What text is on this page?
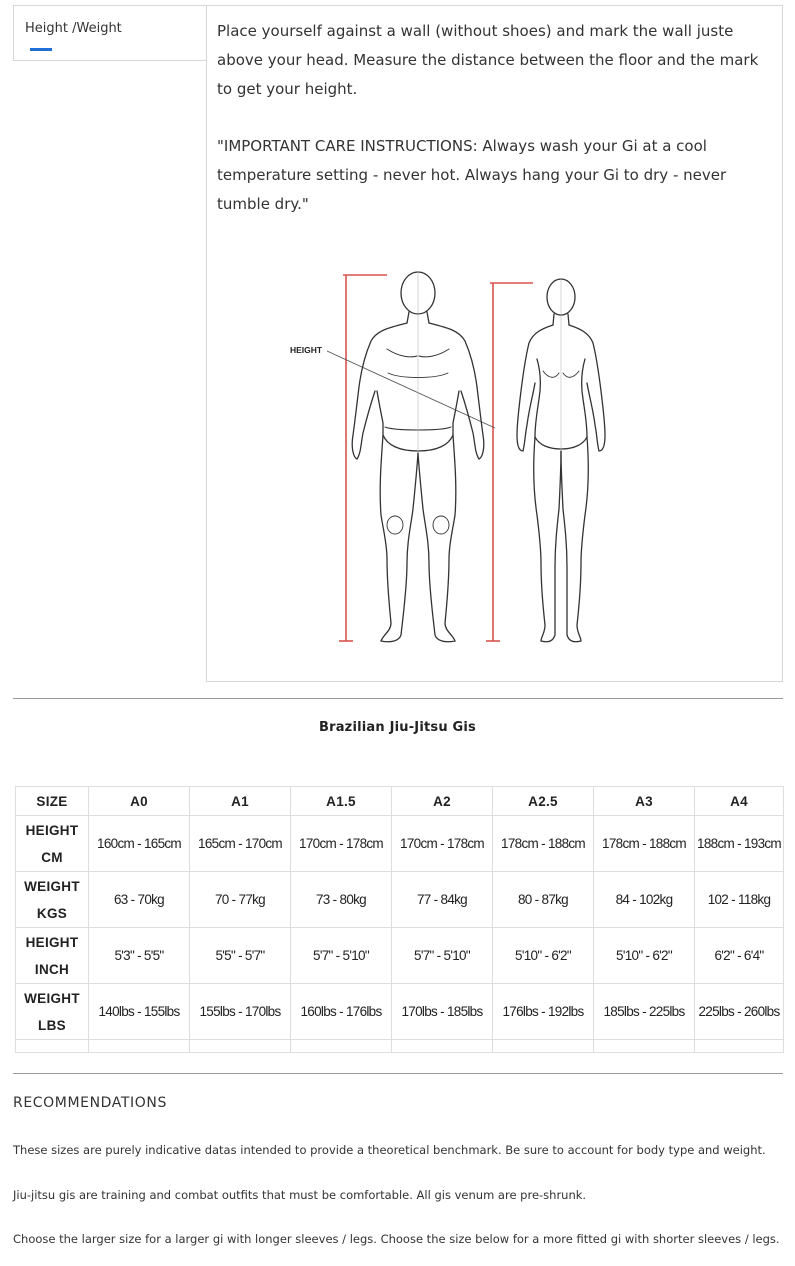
Height /Weight	Place yourself against a wall (without shoes) and mark the wall juste above your head. Measure the distance between the floor and the mark to get your height.

"IMPORTANT CARE INSTRUCTIONS: Always wash your Gi at a cool temperature setting - never hot. Always hang your Gi to dry - never tumble dry."

HEIGHT
Brazilian Jiu-Jitsu Gis
SIZE	A0	A1	A1.5	A2	A2.5	A3	A4
HEIGHT CM	160cm - 165cm	165cm - 170cm	170cm - 178cm	170cm - 178cm	178cm - 188cm	178cm - 188cm	188cm - 193cm
WEIGHT KGS	63 - 70kg	70 - 77kg	73 - 80kg	77 - 84kg	80 - 87kg	84 - 102kg	102 - 118kg
HEIGHT INCH	5'3" - 5'5"	5'5" - 5'7"	5'7" - 5'10"	5'7" - 5'10"	5'10" - 6'2"	5'10" - 6'2"	6'2" - 6'4"
WEIGHT LBS	140lbs - 155lbs	155lbs - 170lbs	160lbs - 176lbs	170lbs - 185lbs	176lbs - 192lbs	185lbs - 225lbs	225lbs - 260lbs

RECOMMENDATIONS
These sizes are purely indicative datas intended to provide a theoretical benchmark. Be sure to account for body type and weight.
Jiu-jitsu gis are training and combat outfits that must be comfortable. All gis venum are pre-shrunk.
Choose the larger size for a larger gi with longer sleeves / legs. Choose the size below for a more fitted gi with shorter sleeves / legs.
